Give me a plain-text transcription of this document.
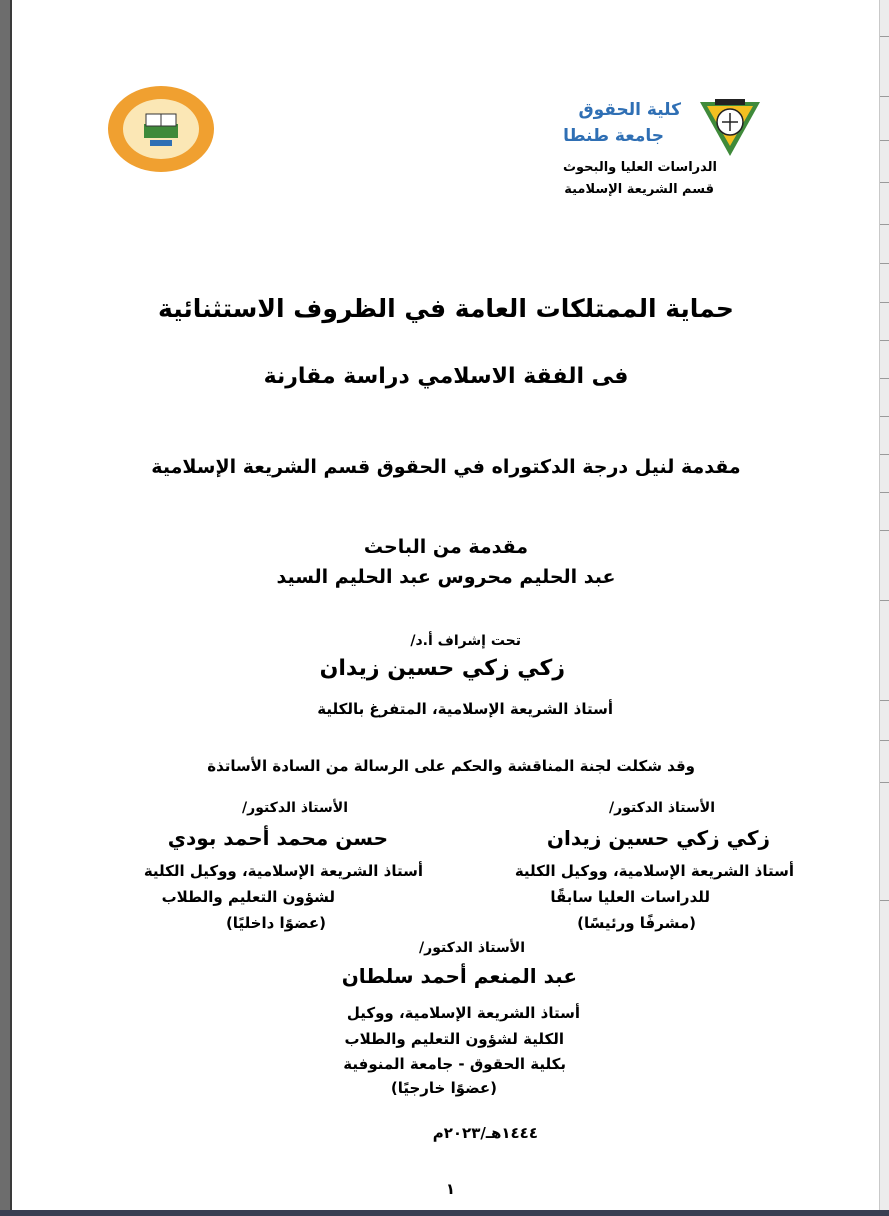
كلية الحقوق
جامعة طنطا
الدراسات العليا والبحوث
قسم الشريعة الإسلامية
حماية الممتلكات العامة في الظروف الاستثنائية
فى الفقة الاسلامي دراسة مقارنة
مقدمة لنيل درجة الدكتوراه في الحقوق قسم الشريعة الإسلامية
مقدمة من الباحث
عبد الحليم محروس عبد الحليم السيد
تحت إشراف أ.د/
زكي زكي حسين زيدان
أستاذ الشريعة الإسلامية، المتفرغ بالكلية
وقد شكلت لجنة المناقشة والحكم على الرسالة من السادة الأساتذة
الأستاذ الدكتور/
زكي زكي حسين زيدان
أستاذ الشريعة الإسلامية، ووكيل الكلية
للدراسات العليا سابقًا
(مشرفًا ورئيسًا)
الأستاذ الدكتور/
حسن محمد أحمد بودي
أستاذ الشريعة الإسلامية، ووكيل الكلية
لشؤون التعليم والطلاب
(عضوًا داخليًا)
الأستاذ الدكتور/
عبد المنعم أحمد سلطان
أستاذ الشريعة الإسلامية، ووكيل
الكلية لشؤون التعليم والطلاب
بكلية الحقوق - جامعة المنوفية
(عضوًا خارجيًا)
١٤٤٤هـ/٢٠٢٣م
١
